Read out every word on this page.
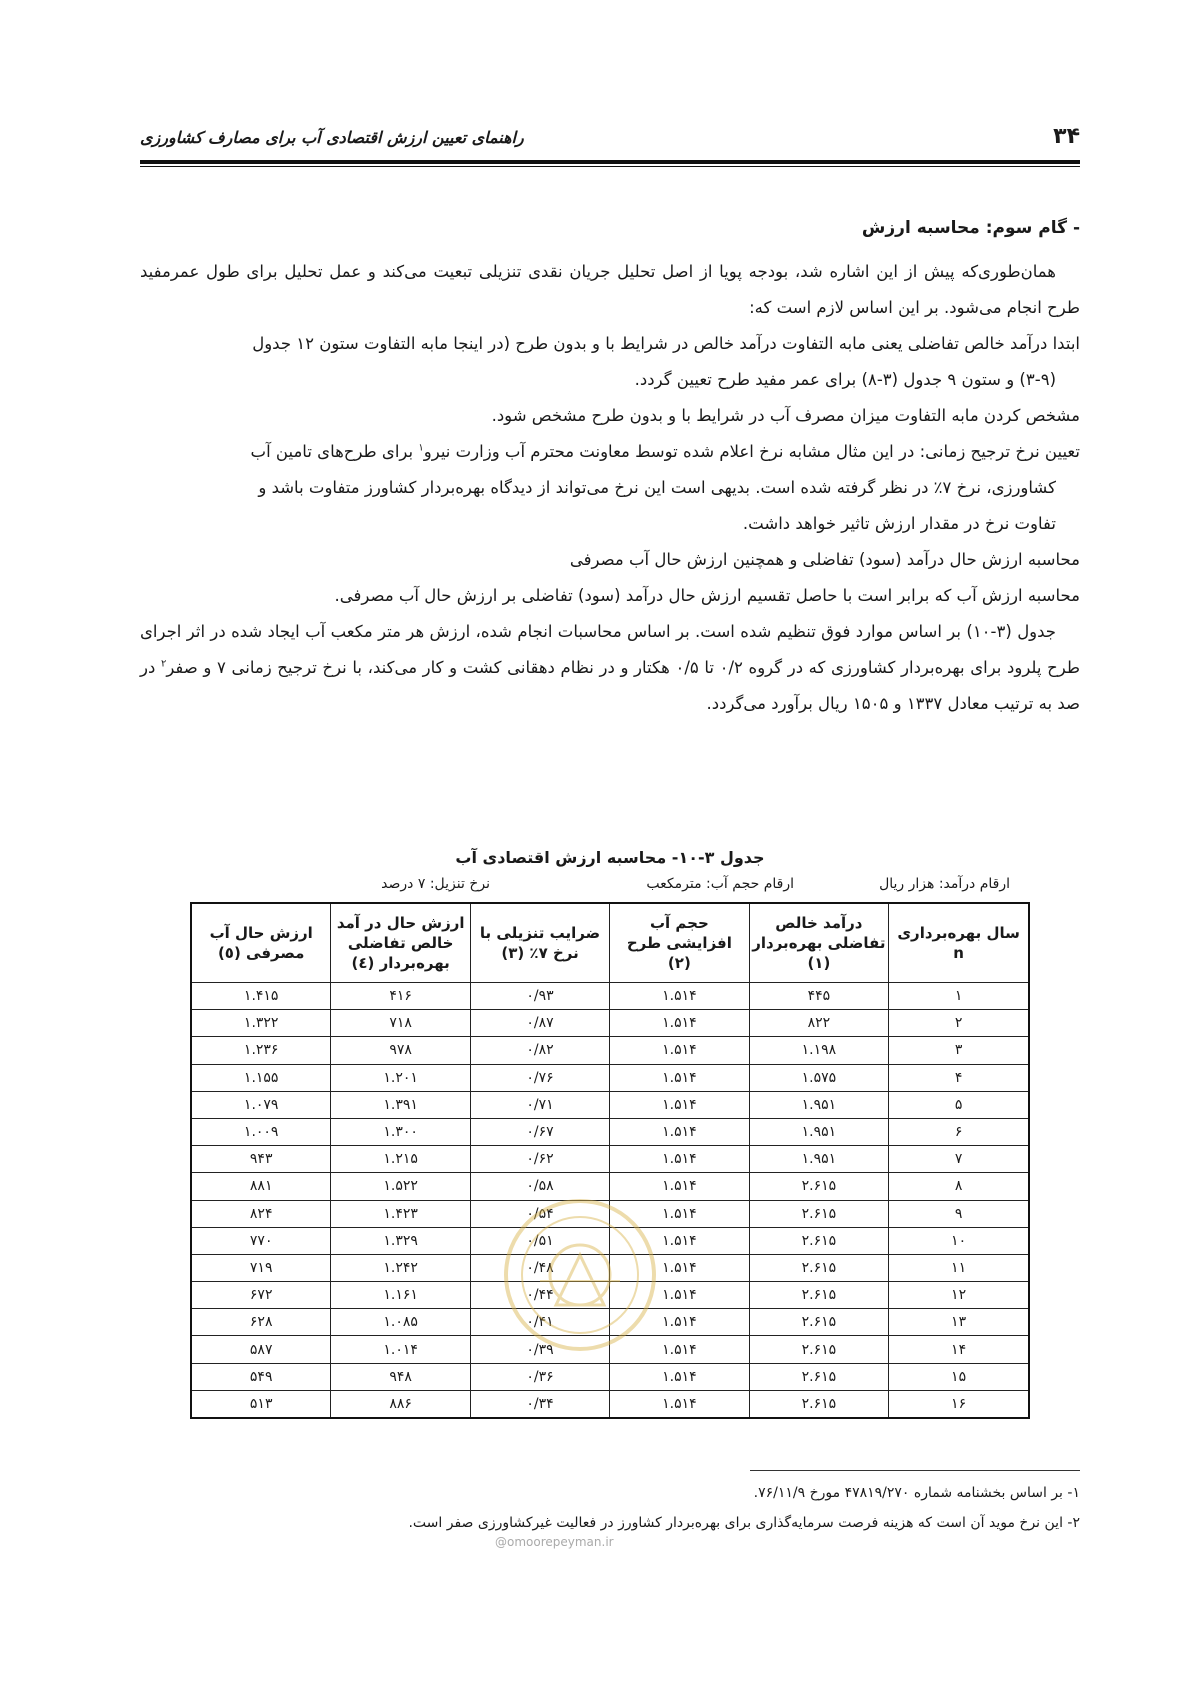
۳۴
راهنمای تعیین ارزش اقتصادی آب برای مصارف کشاورزی

- گام سوم: محاسبه ارزش

همان‌طوری‌که پیش از این اشاره شد، بودجه پویا از اصل تحلیل جریان نقدی تنزیلی تبعیت می‌کند و عمل تحلیل برای طول عمرمفید طرح انجام می‌شود. بر این اساس لازم است که:

ابتدا درآمد خالص تفاضلی یعنی مابه التفاوت درآمد خالص در شرایط با و بدون طرح (در اینجا مابه التفاوت ستون ۱۲ جدول

(۳-۹) و ستون ۹ جدول (۳-۸) برای عمر مفید طرح تعیین گردد.

مشخص کردن مابه التفاوت میزان مصرف آب در شرایط با و بدون طرح مشخص شود.

تعیین نرخ ترجیح زمانی: در این مثال مشابه نرخ اعلام شده توسط معاونت محترم آب وزارت نیرو$^۱$ برای طرح‌های تامین آب

کشاورزی، نرخ ۷٪ در نظر گرفته شده است. بدیهی است این نرخ می‌تواند از دیدگاه بهره‌بردار کشاورز متفاوت باشد و

تفاوت نرخ در مقدار ارزش تاثیر خواهد داشت.

محاسبه ارزش حال درآمد (سود) تفاضلی و همچنین ارزش حال آب مصرفی

محاسبه ارزش آب که برابر است با حاصل تقسیم ارزش حال درآمد (سود) تفاضلی بر ارزش حال آب مصرفی.

جدول (۳-۱۰) بر اساس موارد فوق تنظیم شده است. بر اساس محاسبات انجام شده، ارزش هر متر مکعب آب ایجاد شده در اثر اجرای طرح پلرود برای بهره‌بردار کشاورزی که در گروه ۰/۲ تا ۰/۵ هکتار و در نظام دهقانی کشت و کار می‌کند، با نرخ ترجیح زمانی ۷ و صفر$^۲$ در صد به ترتیب معادل ۱۳۳۷ و ۱۵۰۵ ریال برآورد می‌گردد.

جدول ۳-۱۰- محاسبه ارزش اقتصادی آب
ارقام درآمد: هزار ریال
ارقام حجم آب: مترمکعب
نرخ تنزیل: ۷ درصد
سال بهره‌برداری
n	درآمد خالص
تفاضلی بهره‌بردار
(۱)	حجم آب
افزایشی طرح
(۲)	ضرایب تنزیلی با
نرخ ۷٪ (۳)	ارزش حال در آمد
خالص تفاضلی
بهره‌بردار (٤)	ارزش حال آب
مصرفی (٥)
۱	۴۴۵	۱.۵۱۴	۰/۹۳	۴۱۶	۱.۴۱۵
۲	۸۲۲	۱.۵۱۴	۰/۸۷	۷۱۸	۱.۳۲۲
۳	۱.۱۹۸	۱.۵۱۴	۰/۸۲	۹۷۸	۱.۲۳۶
۴	۱.۵۷۵	۱.۵۱۴	۰/۷۶	۱.۲۰۱	۱.۱۵۵
۵	۱.۹۵۱	۱.۵۱۴	۰/۷۱	۱.۳۹۱	۱.۰۷۹
۶	۱.۹۵۱	۱.۵۱۴	۰/۶۷	۱.۳۰۰	۱.۰۰۹
۷	۱.۹۵۱	۱.۵۱۴	۰/۶۲	۱.۲۱۵	۹۴۳
۸	۲.۶۱۵	۱.۵۱۴	۰/۵۸	۱.۵۲۲	۸۸۱
۹	۲.۶۱۵	۱.۵۱۴	۰/۵۴	۱.۴۲۳	۸۲۴
۱۰	۲.۶۱۵	۱.۵۱۴	۰/۵۱	۱.۳۲۹	۷۷۰
۱۱	۲.۶۱۵	۱.۵۱۴	۰/۴۸	۱.۲۴۲	۷۱۹
۱۲	۲.۶۱۵	۱.۵۱۴	۰/۴۴	۱.۱۶۱	۶۷۲
۱۳	۲.۶۱۵	۱.۵۱۴	۰/۴۱	۱.۰۸۵	۶۲۸
۱۴	۲.۶۱۵	۱.۵۱۴	۰/۳۹	۱.۰۱۴	۵۸۷
۱۵	۲.۶۱۵	۱.۵۱۴	۰/۳۶	۹۴۸	۵۴۹
۱۶	۲.۶۱۵	۱.۵۱۴	۰/۳۴	۸۸۶	۵۱۳

۱- بر اساس بخشنامه شماره ۴۷۸۱۹/۲۷۰ مورخ ۷۶/۱۱/۹.

۲- این نرخ موید آن است که هزینه فرصت سرمایه‌گذاری برای بهره‌بردار کشاورز در فعالیت غیرکشاورزی صفر است.

@omoorepeyman.ir
